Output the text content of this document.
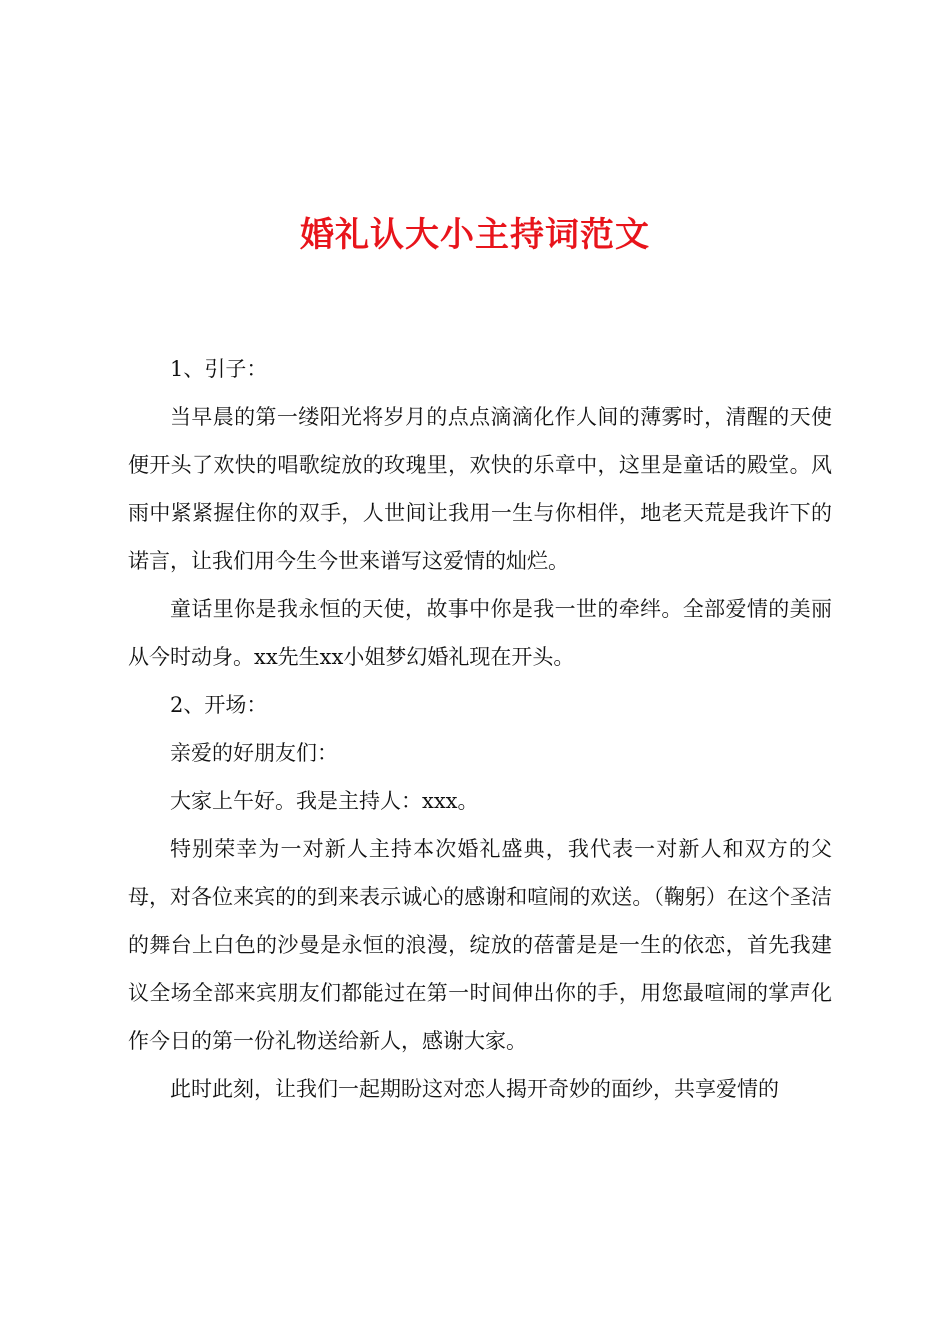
婚礼认大小主持词范文

1、引子：

当早晨的第一缕阳光将岁月的点点滴滴化作人间的薄雾时，清醒的天使便开头了欢快的唱歌绽放的玫瑰里，欢快的乐章中，这里是童话的殿堂。风雨中紧紧握住你的双手，人世间让我用一生与你相伴，地老天荒是我许下的诺言，让我们用今生今世来谱写这爱情的灿烂。

童话里你是我永恒的天使，故事中你是我一世的牵绊。全部爱情的美丽从今时动身。xx先生xx小姐梦幻婚礼现在开头。

2、开场：

亲爱的好朋友们：

大家上午好。我是主持人：xxx。

特别荣幸为一对新人主持本次婚礼盛典，我代表一对新人和双方的父母，对各位来宾的的到来表示诚心的感谢和喧闹的欢送。（鞠躬）在这个圣洁的舞台上白色的沙曼是永恒的浪漫，绽放的蓓蕾是是一生的依恋，首先我建议全场全部来宾朋友们都能过在第一时间伸出你的手，用您最喧闹的掌声化作今日的第一份礼物送给新人，感谢大家。

此时此刻，让我们一起期盼这对恋人揭开奇妙的面纱，共享爱情的
